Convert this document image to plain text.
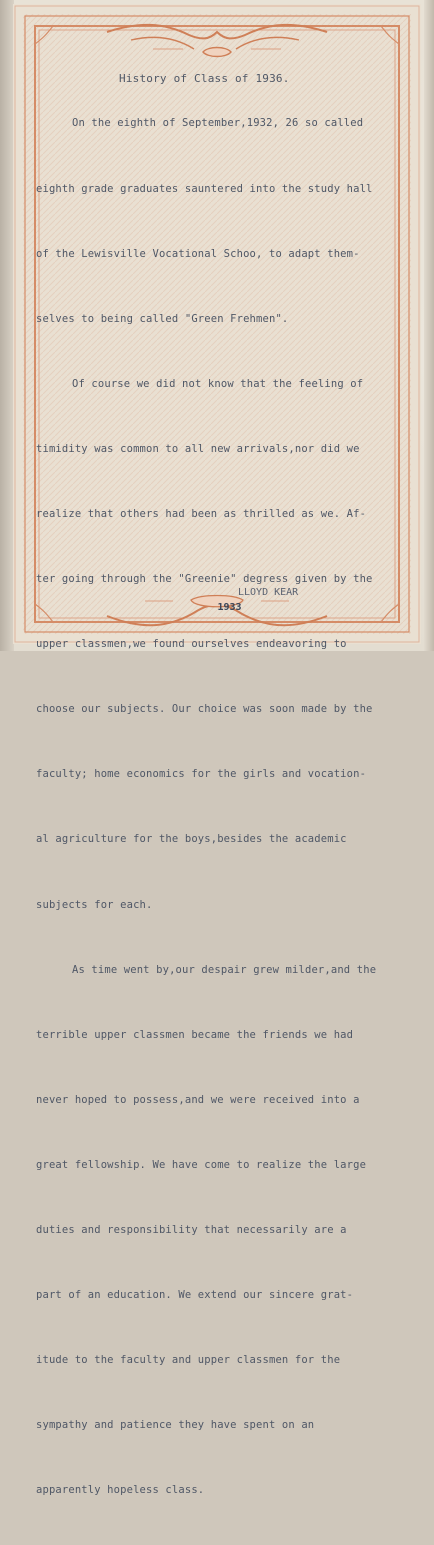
History of Class of 1936.

On the eighth of September,1932, 26 so called

eighth grade graduates sauntered into the study hall

of the Lewisville Vocational Schoo, to adapt them-

selves to being called "Green Frehmen".

Of course we did not know that the feeling of

timidity was common to all new arrivals,nor did we

realize that others had been as thrilled as we. Af-

ter going through the "Greenie" degress given by the

upper classmen,we found ourselves endeavoring to

choose our subjects. Our choice was soon made by the

faculty; home economics for the girls and vocation-

al agriculture for the boys,besides the academic

subjects for each.

As time went by,our despair grew milder,and the

terrible upper classmen became the friends we had

never hoped to possess,and we were received into a

great fellowship. We have come to realize the large

duties and responsibility that necessarily are a

part of an education. We extend our sincere grat-

itude to the faculty and upper classmen for the

sympathy and patience they have spent on an

apparently hopeless class.

LLOYD KEAR
1933
